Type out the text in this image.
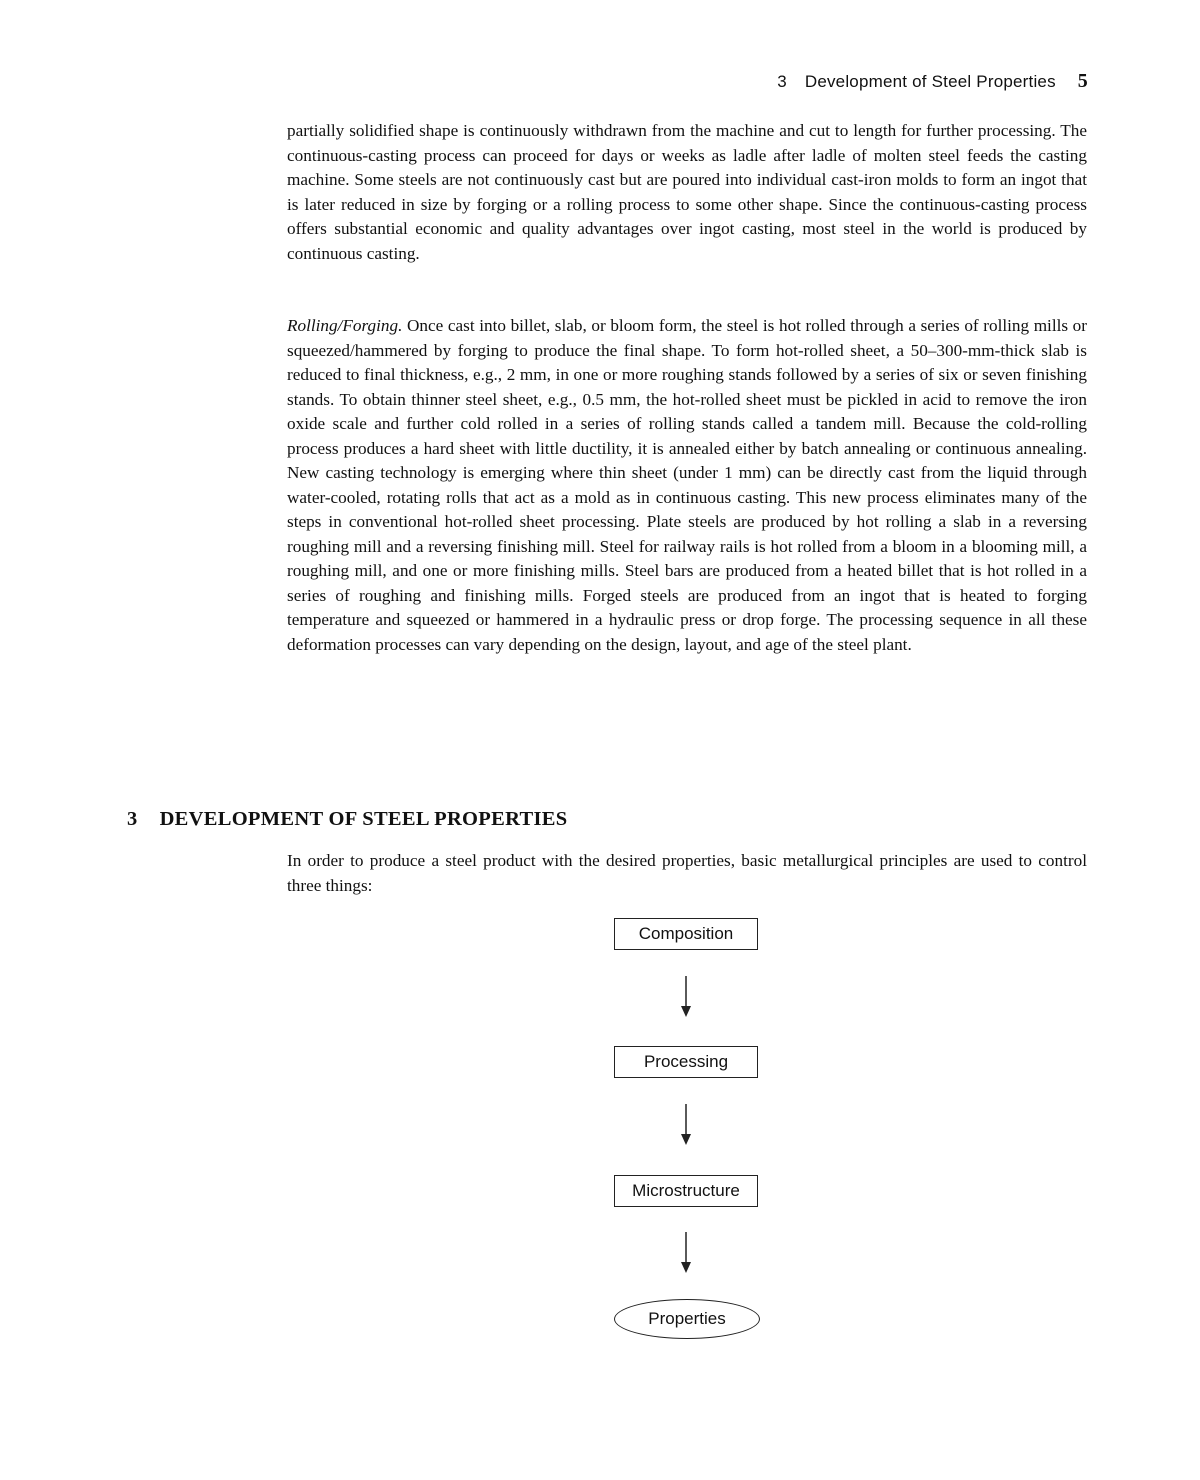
3 Development of Steel Properties 5

partially solidified shape is continuously withdrawn from the machine and cut to length for further processing. The continuous-casting process can proceed for days or weeks as ladle after ladle of molten steel feeds the casting machine. Some steels are not continuously cast but are poured into individual cast-iron molds to form an ingot that is later reduced in size by forging or a rolling process to some other shape. Since the continuous-casting process offers substantial economic and quality advantages over ingot casting, most steel in the world is produced by continuous casting.

Rolling/Forging. Once cast into billet, slab, or bloom form, the steel is hot rolled through a series of rolling mills or squeezed/hammered by forging to produce the final shape. To form hot-rolled sheet, a 50–300-mm-thick slab is reduced to final thickness, e.g., 2 mm, in one or more roughing stands followed by a series of six or seven finishing stands. To obtain thinner steel sheet, e.g., 0.5 mm, the hot-rolled sheet must be pickled in acid to remove the iron oxide scale and further cold rolled in a series of rolling stands called a tandem mill. Because the cold-rolling process produces a hard sheet with little ductility, it is annealed either by batch annealing or continuous annealing. New casting technology is emerging where thin sheet (under 1 mm) can be directly cast from the liquid through water-cooled, rotating rolls that act as a mold as in continuous casting. This new process eliminates many of the steps in conventional hot-rolled sheet processing. Plate steels are produced by hot rolling a slab in a reversing roughing mill and a reversing finishing mill. Steel for railway rails is hot rolled from a bloom in a blooming mill, a roughing mill, and one or more finishing mills. Steel bars are produced from a heated billet that is hot rolled in a series of roughing and finishing mills. Forged steels are produced from an ingot that is heated to forging temperature and squeezed or hammered in a hydraulic press or drop forge. The processing sequence in all these deformation processes can vary depending on the design, layout, and age of the steel plant.

3 DEVELOPMENT OF STEEL PROPERTIES

In order to produce a steel product with the desired properties, basic metallurgical principles are used to control three things:

Composition
Processing
Microstructure
Properties
